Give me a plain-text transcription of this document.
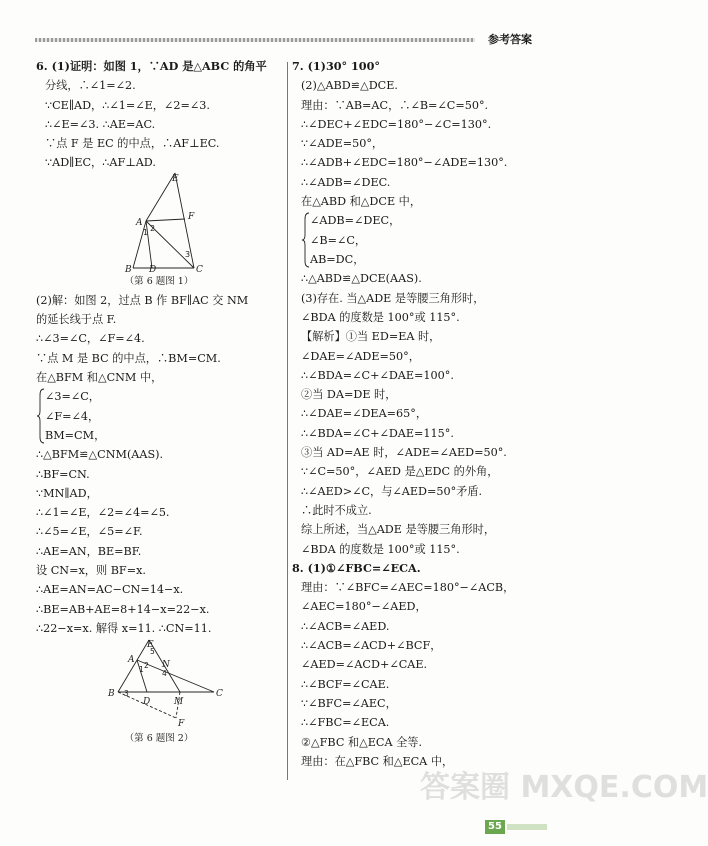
参考答案
6. (1)证明：如图 1，∵AD 是△ABC 的角平
分线，∴∠1=∠2.
∵CE∥AD，∴∠1=∠E，∠2=∠3.
∴∠E=∠3. ∴AE=AC.
∵点 F 是 EC 的中点，∴AF⊥EC.
∵AD∥EC，∴AF⊥AD.
E
A
F
B D	C
1 2
3
（第 6 题图 1）
(2)解：如图 2，过点 B 作 BF∥AC 交 NM
的延长线于点 F.
∴∠3=∠C，∠F=∠4.
∵点 M 是 BC 的中点，∴BM=CM.
在△BFM 和△CNM 中，
∠3=∠C，
∠F=∠4，
BM=CM，
∴△BFM≌△CNM(AAS).
∴BF=CN.
∵MN∥AD，
∴∠1=∠E，∠2=∠4=∠5.
∴∠5=∠E，∠5=∠F.
∴AE=AN，BE=BF.
设 CN=x，则 BF=x.
∴AE=AN=AC−CN=14−x.
∴BE=AB+AE=8+14−x=22−x.
∴22−x=x. 解得 x=11. ∴CN=11.
E
A	N
B
D	M
C
F
1 2
3
4
5
（第 6 题图 2）
7. (1)30° 100°
(2)△ABD≌△DCE.
理由：∵AB=AC，∴∠B=∠C=50°.
∴∠DEC+∠EDC=180°−∠C=130°.
∵∠ADE=50°，
∴∠ADB+∠EDC=180°−∠ADE=130°.
∴∠ADB=∠DEC.
在△ABD 和△DCE 中，
∠ADB=∠DEC，
∠B=∠C，
AB=DC，
∴△ABD≌△DCE(AAS).
(3)存在. 当△ADE 是等腰三角形时，
∠BDA 的度数是 100°或 115°.
【解析】①当 ED=EA 时，
∠DAE=∠ADE=50°，
∴∠BDA=∠C+∠DAE=100°.
②当 DA=DE 时，
∴∠DAE=∠DEA=65°，
∴∠BDA=∠C+∠DAE=115°.
③当 AD=AE 时，∠ADE=∠AED=50°.
∵∠C=50°，∠AED 是△EDC 的外角，
∴∠AED>∠C，与∠AED=50°矛盾.
∴此时不成立.
综上所述，当△ADE 是等腰三角形时，
∠BDA 的度数是 100°或 115°.
8. (1)①∠FBC=∠ECA.
理由：∵∠BFC=∠AEC=180°−∠ACB，
∠AEC=180°−∠AED，
∴∠ACB=∠AED.
∴∠ACB=∠ACD+∠BCF，
∠AED=∠ACD+∠CAE.
∴∠BCF=∠CAE.
∵∠BFC=∠AEC，
∴∠FBC=∠ECA.
②△FBC 和△ECA 全等.
理由：在△FBC 和△ECA 中，
55
答案圈 MXQE.COM
